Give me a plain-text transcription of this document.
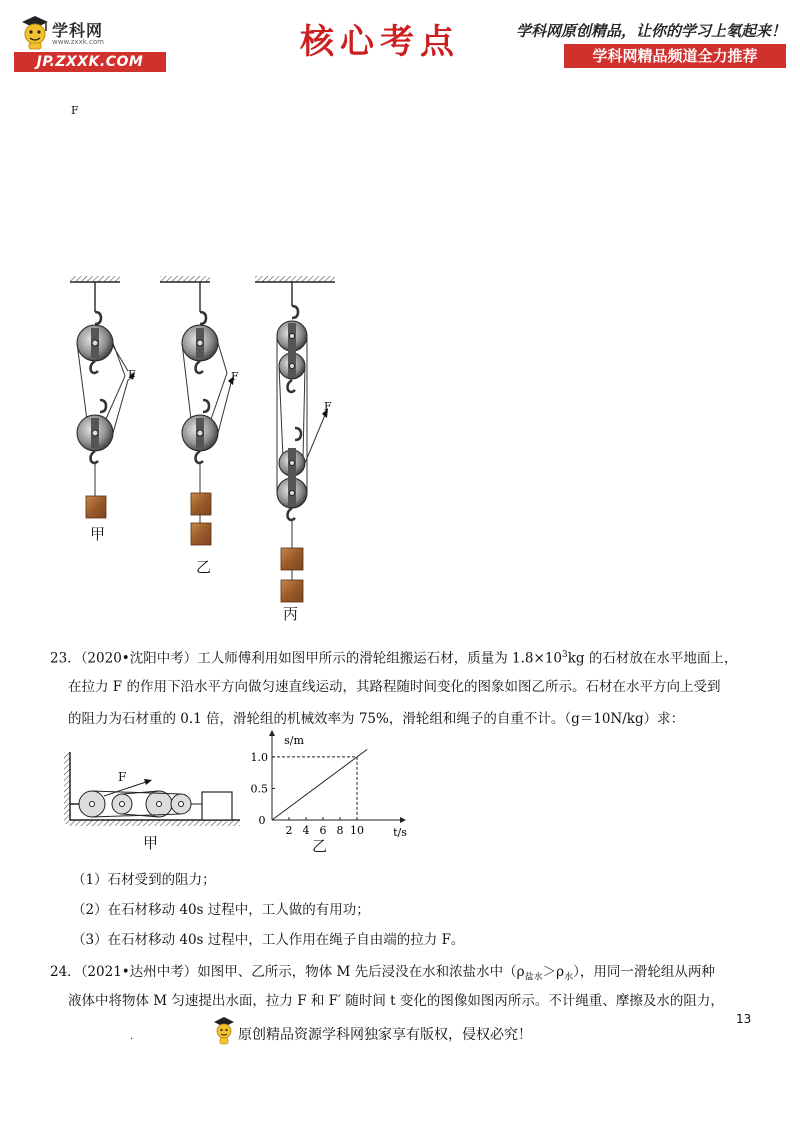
学科网
www.zxxk.com
JP.ZXXK.COM	核心考点	学科网原创精品，让你的学习上氡起来！
学科网精品频道全力推荐
F
甲
乙
丙
F	F
F
23．（2020•沈阳中考）工人师傅利用如图甲所示的滑轮组搬运石材，质量为 $1.8\times 10^3kg$ 的石材放在水平地面上，
在拉力 F 的作用下沿水平方向做匀速直线运动，其路程随时间变化的图象如图乙所示。石材在水平方向上受到
的阻力为石材重的 0.1 倍，滑轮组的机械效率为 75%，滑轮组和绳子的自重不计。（g＝10N/kg）求：
F
甲
s/m
t/s
0
2 4 6 8 10
0.5
1.0
乙
（1）石材受到的阻力；
（2）在石材移动 40s 过程中，工人做的有用功；
（3）在石材移动 40s 过程中，工人作用在绳子自由端的拉力 F。
24．（2021•达州中考）如图甲、乙所示，物体 M 先后浸没在水和浓盐水中$(\rho_{盐水}>\rho_水)$，用同一滑轮组从两种
液体中将物体 M 匀速提出水面，拉力 F 和 F′ 随时间 t 变化的图像如图丙所示。不计绳重、摩擦及水的阻力，
13
.	原创精品资源学科网独家享有版权，侵权必究！
